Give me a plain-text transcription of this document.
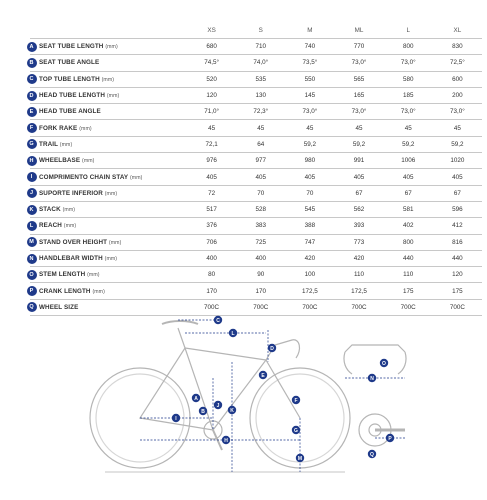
		XS	S	M	ML	L	XL
A	SEAT TUBE LENGTH (mm)	680	710	740	770	800	830
B	SEAT TUBE ANGLE	74,5°	74,0°	73,5°	73,0°	73,0°	72,5°
C	TOP TUBE LENGTH (mm)	520	535	550	565	580	600
D	HEAD TUBE LENGTH (mm)	120	130	145	165	185	200
E	HEAD TUBE ANGLE	71,0°	72,3°	73,0°	73,0°	73,0°	73,0°
F	FORK RAKE (mm)	45	45	45	45	45	45
G	TRAIL (mm)	72,1	64	59,2	59,2	59,2	59,2
H	WHEELBASE (mm)	976	977	980	991	1006	1020
I	COMPRIMENTO CHAIN STAY (mm)	405	405	405	405	405	405
J	SUPORTE INFERIOR (mm)	72	70	70	67	67	67
K	STACK (mm)	517	528	545	562	581	596
L	REACH (mm)	376	383	388	393	402	412
M	STAND OVER HEIGHT (mm)	706	725	747	773	800	816
N	HANDLEBAR WIDTH (mm)	400	400	420	420	440	440
O	STEM LENGTH (mm)	80	90	100	110	110	120
P	CRANK LENGTH (mm)	170	170	172,5	172,5	175	175
Q	WHEEL SIZE	700C	700C	700C	700C	700C	700C
A
B
C
D
E
F
G
H
I
J
K
L
M
N
O
P
Q
